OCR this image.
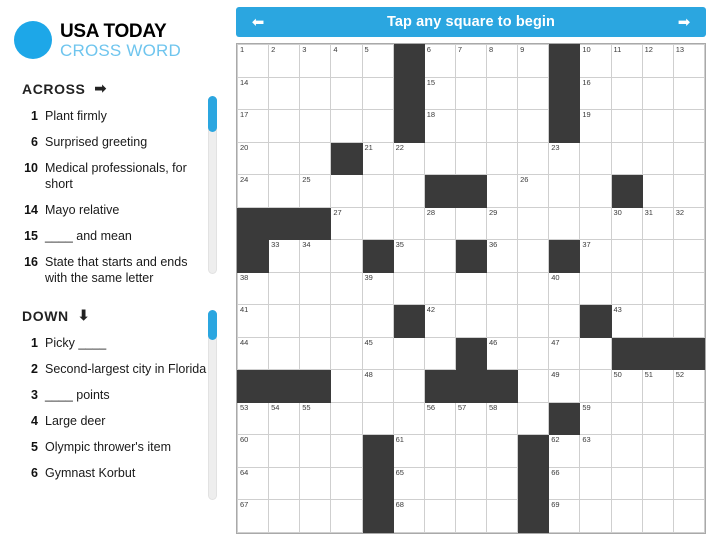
USA TODAY
CROSS WORD
ACROSS ➡
1 Plant firmly
6 Surprised greeting
10 Medical professionals, for short
14 Mayo relative
15 ____ and mean
16 State that starts and ends with the same letter
DOWN ⬇
1 Picky ____
2 Second-largest city in Florida
3 ____ points
4 Large deer
5 Olympic thrower's item
6 Gymnast Korbut
⬅	Tap any square to begin	➡
1	2	3	4	5		6	7	8	9		10	11	12	13

14						15					16			

17						18					19			

20				21	22					23				

24		25							26					

			27			28		29				30	31	32

	33	34			35			36			37			

38				39						40				

41						42						43		

44				45				46		47				

				48						49		50	51	52

53	54	55				56	57	58			59			

60					61					62	63			

64					65					66				

67					68					69				
